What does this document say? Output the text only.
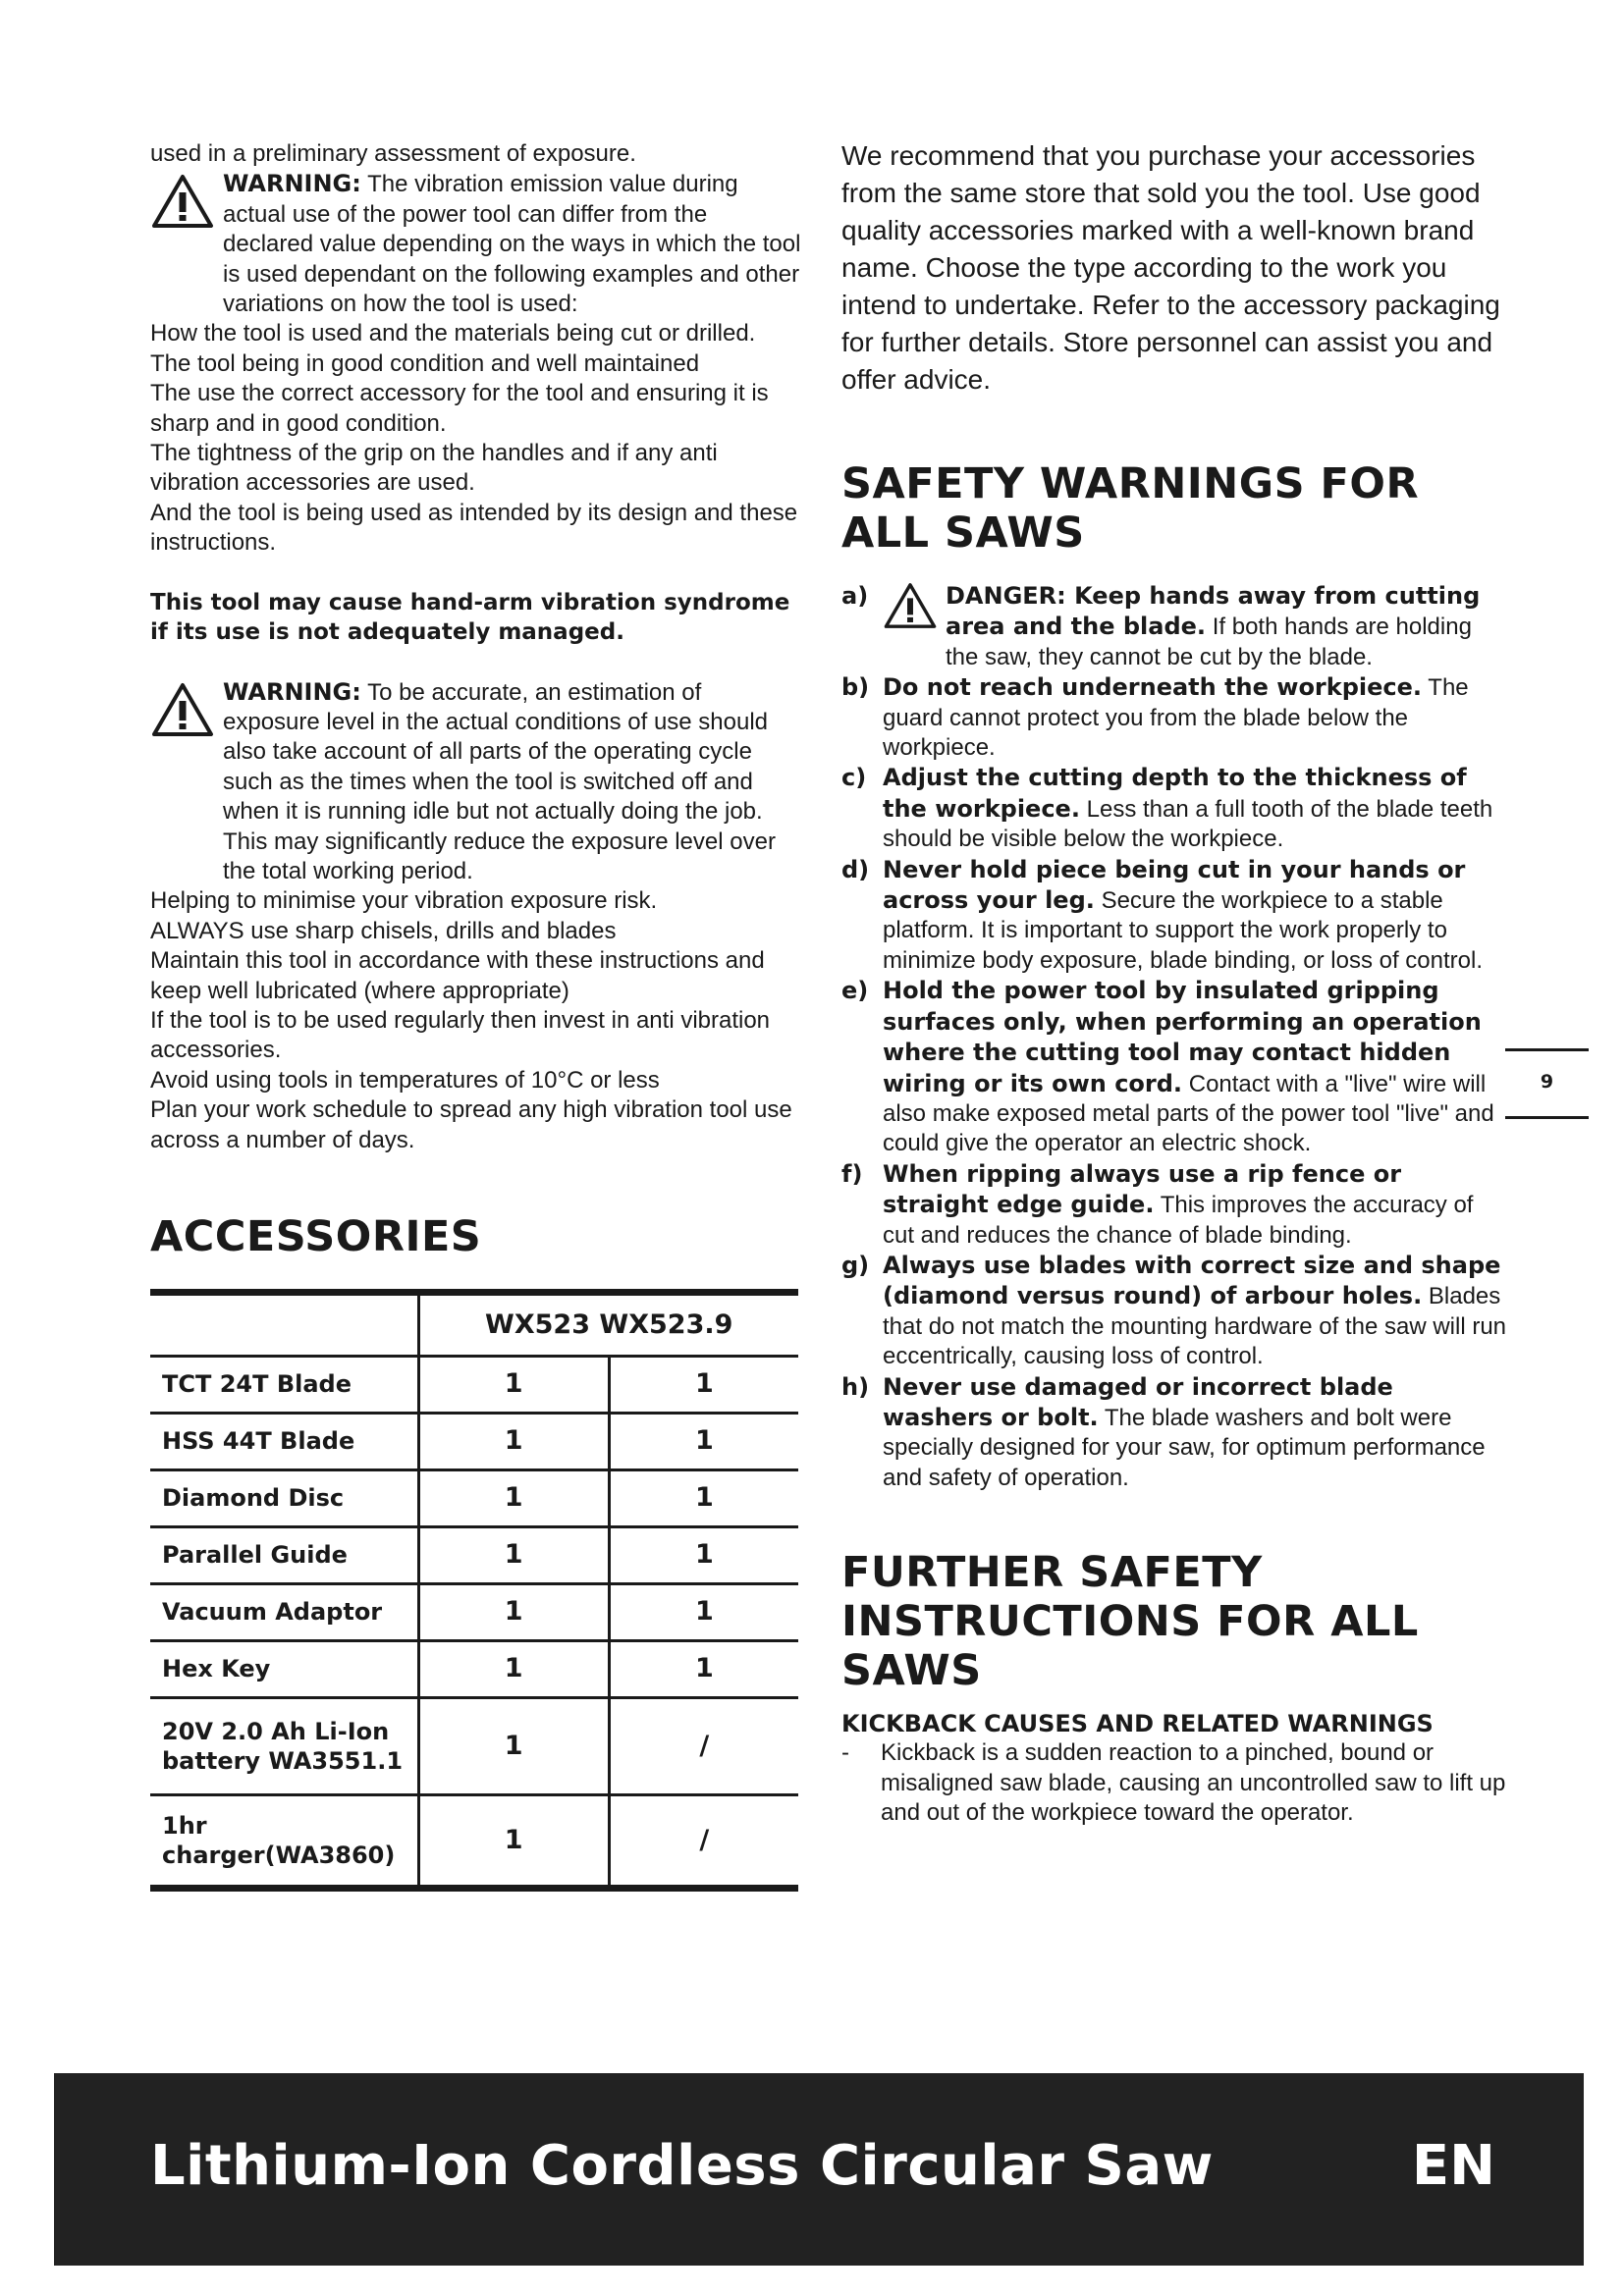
used in a preliminary assessment of exposure.

WARNING: The vibration emission value during actual use of the power tool can differ from the declared value depending on the ways in which the tool is used dependant on the following examples and other variations on how the tool is used:

How the tool is used and the materials being cut or drilled.

The tool being in good condition and well maintained

The use the correct accessory for the tool and ensuring it is sharp and in good condition.

The tightness of the grip on the handles and if any anti vibration accessories are used.

And the tool is being used as intended by its design and these instructions.

This tool may cause hand-arm vibration syndrome if its use is not adequately managed.

WARNING: To be accurate, an estimation of exposure level in the actual conditions of use should also take account of all parts of the operating cycle such as the times when the tool is switched off and when it is running idle but not actually doing the job. This may significantly reduce the exposure level over the total working period.

Helping to minimise your vibration exposure risk.

ALWAYS use sharp chisels, drills and blades

Maintain this tool in accordance with these instructions and keep well lubricated (where appropriate)

If the tool is to be used regularly then invest in anti vibration accessories.

Avoid using tools in temperatures of 10°C or less

Plan your work schedule to spread any high vibration tool use across a number of days.

ACCESSORIES

	WX523 WX523.9	
TCT 24T Blade	1	1
HSS 44T Blade	1	1
Diamond Disc	1	1
Parallel Guide	1	1
Vacuum Adaptor	1	1
Hex Key	1	1
20V 2.0 Ah Li-Ion battery WA3551.1	1	/
1hr charger(WA3860)	1	/

We recommend that you purchase your accessories from the same store that sold you the tool. Use good quality accessories marked with a well-known brand name. Choose the type according to the work you intend to undertake. Refer to the accessory packaging for further details. Store personnel can assist you and offer advice.

SAFETY WARNINGS FOR ALL SAWS

a)	DANGER: Keep hands away from cutting area and the blade. If both hands are holding the saw, they cannot be cut by the blade.
b) Do not reach underneath the workpiece. The guard cannot protect you from the blade below the workpiece.
c) Adjust the cutting depth to the thickness of the workpiece. Less than a full tooth of the blade teeth should be visible below the workpiece.
d) Never hold piece being cut in your hands or across your leg. Secure the workpiece to a stable platform. It is important to support the work properly to minimize body exposure, blade binding, or loss of control.
e) Hold the power tool by insulated gripping surfaces only, when performing an operation where the cutting tool may contact hidden wiring or its own cord. Contact with a "live" wire will also make exposed metal parts of the power tool "live" and could give the operator an electric shock.
f) When ripping always use a rip fence or straight edge guide. This improves the accuracy of cut and reduces the chance of blade binding.
g) Always use blades with correct size and shape (diamond versus round) of arbour holes. Blades that do not match the mounting hardware of the saw will run eccentrically, causing loss of control.
h) Never use damaged or incorrect blade washers or bolt. The blade washers and bolt were specially designed for your saw, for optimum performance and safety of operation.

FURTHER SAFETY INSTRUCTIONS FOR ALL SAWS

KICKBACK CAUSES AND RELATED WARNINGS

- Kickback is a sudden reaction to a pinched, bound or misaligned saw blade, causing an uncontrolled saw to lift up and out of the workpiece toward the operator.
9
Lithium-Ion Cordless Circular Saw	EN
